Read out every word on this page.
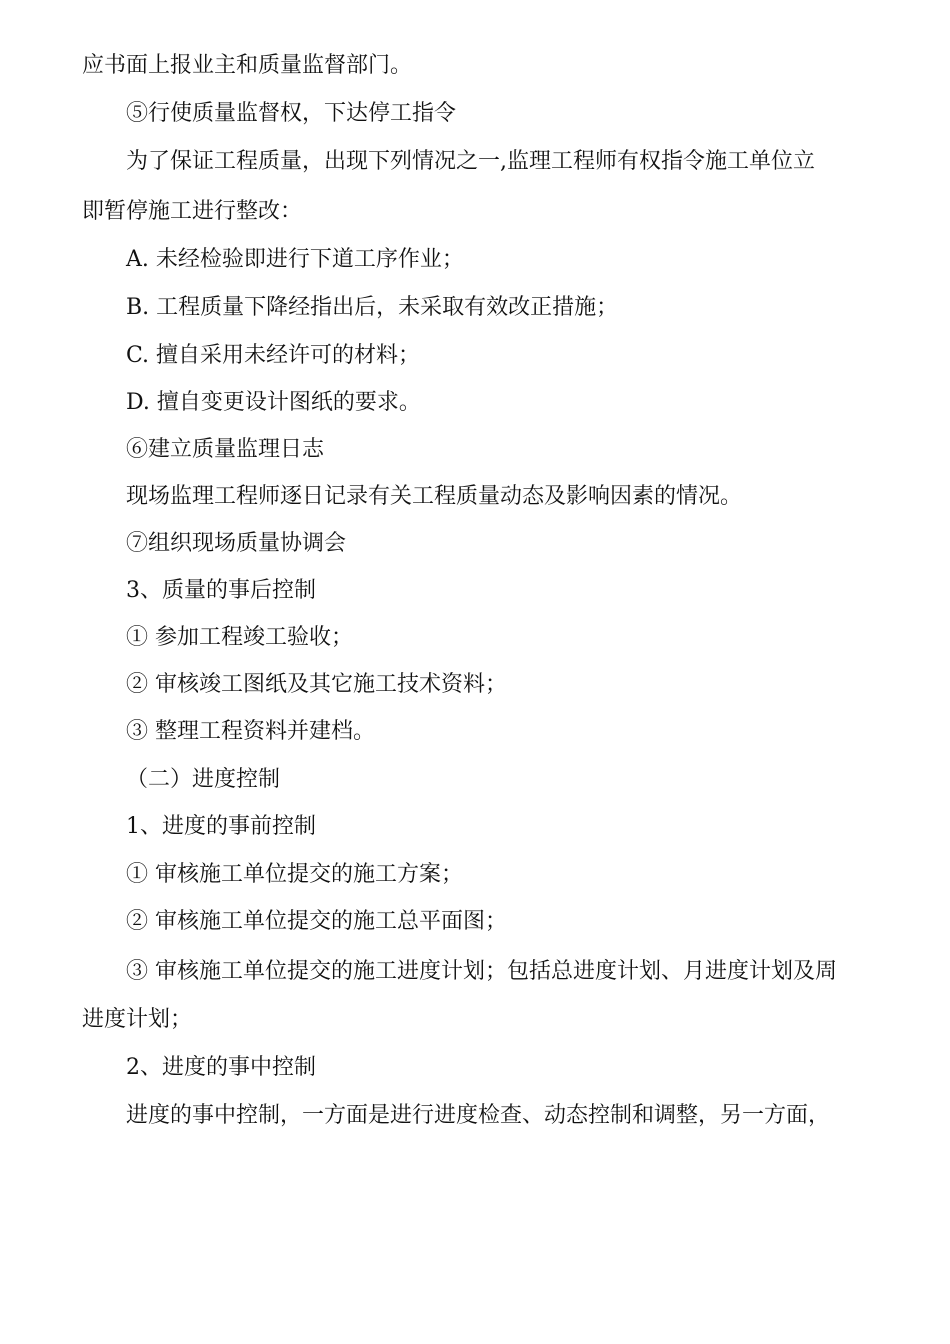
应书面上报业主和质量监督部门。
⑤行使质量监督权，下达停工指令
为了保证工程质量，出现下列情况之一,监理工程师有权指令施工单位立
即暂停施工进行整改：
A. 未经检验即进行下道工序作业；
B. 工程质量下降经指出后，未采取有效改正措施；
C. 擅自采用未经许可的材料；
D. 擅自变更设计图纸的要求。
⑥建立质量监理日志
现场监理工程师逐日记录有关工程质量动态及影响因素的情况。
⑦组织现场质量协调会
3、质量的事后控制
① 参加工程竣工验收；
② 审核竣工图纸及其它施工技术资料；
③ 整理工程资料并建档。
（二）进度控制
1、进度的事前控制
① 审核施工单位提交的施工方案；
② 审核施工单位提交的施工总平面图；
③ 审核施工单位提交的施工进度计划；包括总进度计划、月进度计划及周
进度计划；
2、进度的事中控制
进度的事中控制，一方面是进行进度检查、动态控制和调整，另一方面，
